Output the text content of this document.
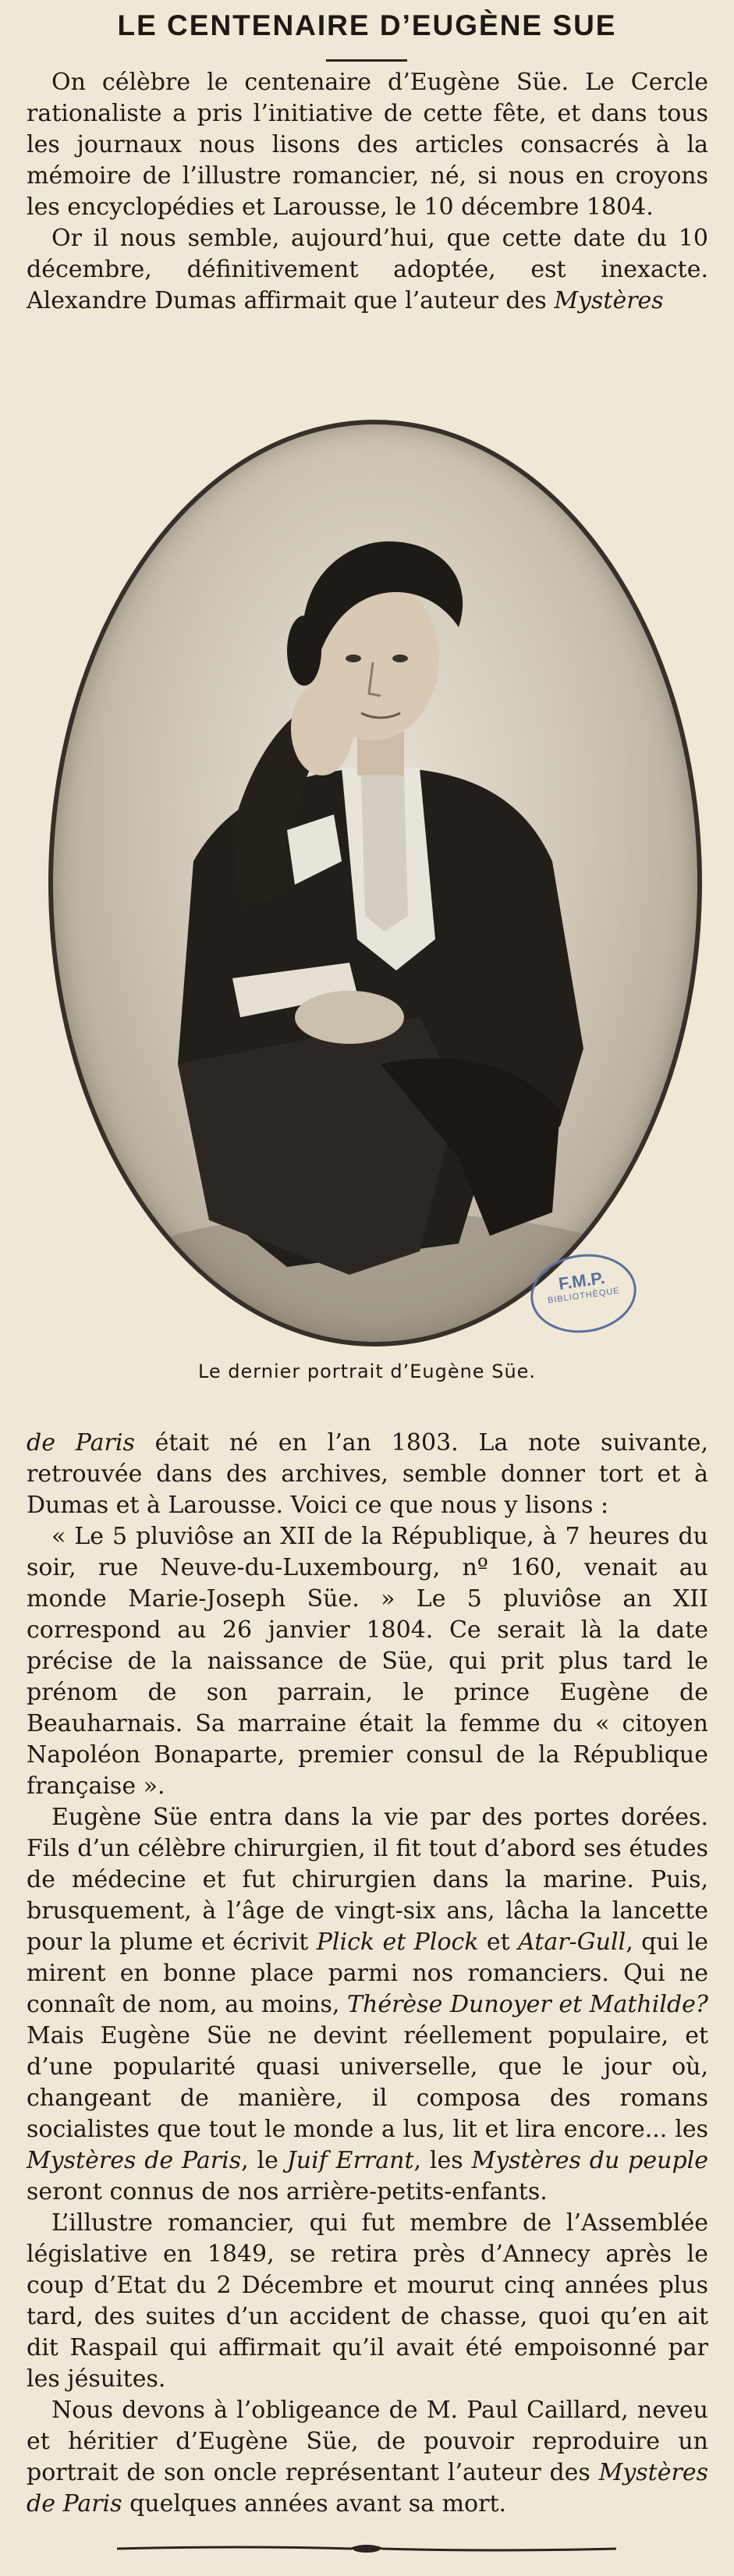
LE CENTENAIRE D’EUGÈNE SUE

On célèbre le centenaire d’Eugène Süe. Le Cercle rationaliste a pris l’initiative de cette fête, et dans tous les journaux nous lisons des articles consacrés à la mémoire de l’illustre romancier, né, si nous en croyons les encyclopédies et Larousse, le 10 décembre 1804.

Or il nous semble, aujourd’hui, que cette date du 10 décembre, définitivement adoptée, est inexacte. Alexandre Dumas affirmait que l’auteur des Mystères

F.M.P.
BIBLIOTHÈQUE
Le dernier portrait d’Eugène Süe.

de Paris était né en l’an 1803. La note suivante, retrouvée dans des archives, semble donner tort et à Dumas et à Larousse. Voici ce que nous y lisons :

« Le 5 pluviôse an XII de la République, à 7 heures du soir, rue Neuve-du-Luxembourg, nº 160, venait au monde Marie-Joseph Süe. » Le 5 pluviôse an XII correspond au 26 janvier 1804. Ce serait là la date précise de la naissance de Süe, qui prit plus tard le prénom de son parrain, le prince Eugène de Beauharnais. Sa marraine était la femme du « citoyen Napoléon Bonaparte, premier consul de la République française ».

Eugène Süe entra dans la vie par des portes dorées. Fils d’un célèbre chirurgien, il fit tout d’abord ses études de médecine et fut chirurgien dans la marine. Puis, brusquement, à l’âge de vingt-six ans, lâcha la lancette pour la plume et écrivit Plick et Plock et Atar-Gull, qui le mirent en bonne place parmi nos romanciers. Qui ne connaît de nom, au moins, Thérèse Dunoyer et Mathilde? Mais Eugène Süe ne devint réellement populaire, et d’une popularité quasi universelle, que le jour où, changeant de manière, il composa des romans socialistes que tout le monde a lus, lit et lira encore... les Mystères de Paris, le Juif Errant, les Mystères du peuple seront connus de nos arrière-petits-enfants.

L’illustre romancier, qui fut membre de l’Assemblée législative en 1849, se retira près d’Annecy après le coup d’Etat du 2 Décembre et mourut cinq années plus tard, des suites d’un accident de chasse, quoi qu’en ait dit Raspail qui affirmait qu’il avait été empoisonné par les jésuites.

Nous devons à l’obligeance de M. Paul Caillard, neveu et héritier d’Eugène Süe, de pouvoir reproduire un portrait de son oncle représentant l’auteur des Mystères de Paris quelques années avant sa mort.
